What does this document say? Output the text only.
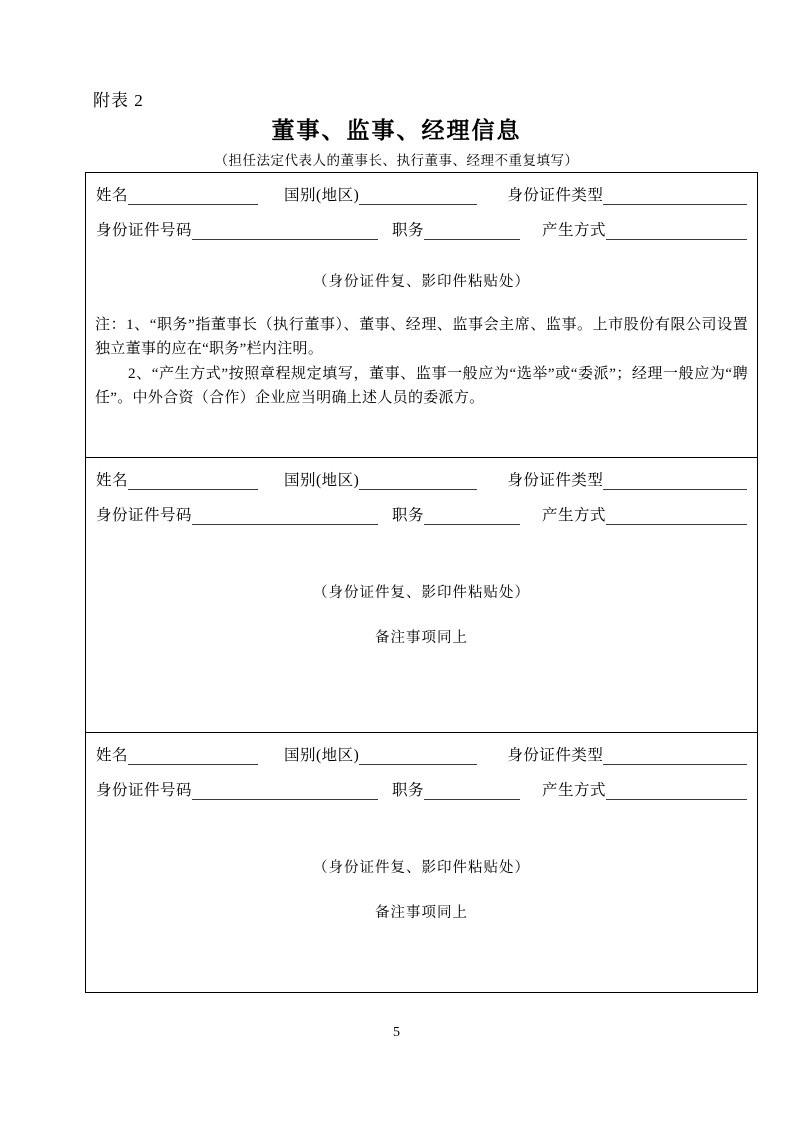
附表 2
董事、监事、经理信息
（担任法定代表人的董事长、执行董事、经理不重复填写）
姓名	国别(地区)	身份证件类型
身份证件号码	职务	产生方式
（身份证件复、影印件粘贴处）

注：1、“职务”指董事长（执行董事）、董事、经理、监事会主席、监事。上市股份有限公司设置独立董事的应在“职务”栏内注明。

2、“产生方式”按照章程规定填写，董事、监事一般应为“选举”或“委派”；经理一般应为“聘任”。中外合资（合作）企业应当明确上述人员的委派方。

姓名	国别(地区)	身份证件类型
身份证件号码	职务	产生方式
（身份证件复、影印件粘贴处）
备注事项同上
姓名	国别(地区)	身份证件类型
身份证件号码	职务	产生方式
（身份证件复、影印件粘贴处）
备注事项同上
5
